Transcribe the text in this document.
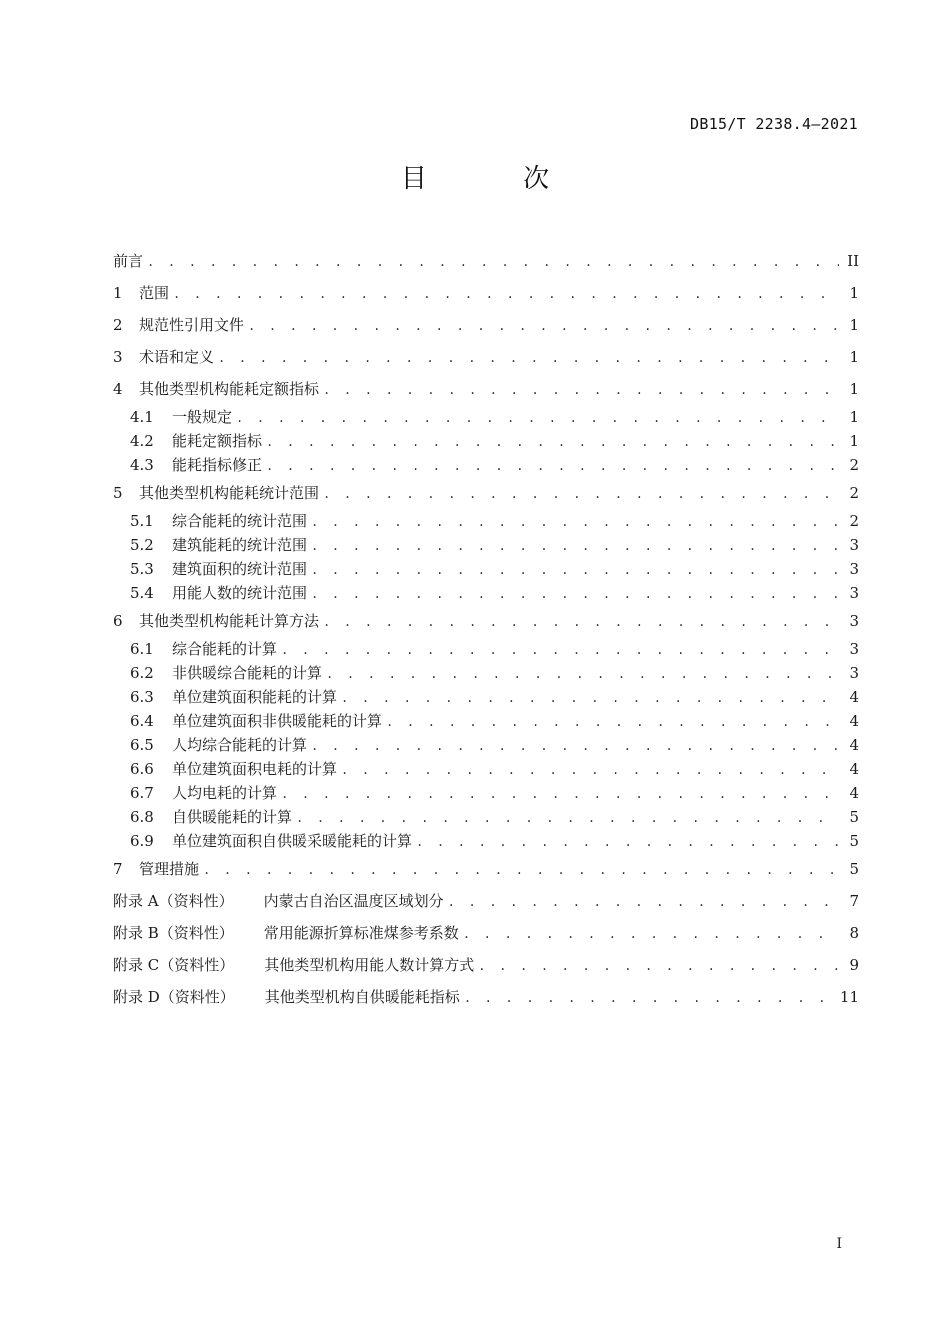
DB15/T 2238.4—2021
目 次
前言 . . .	II
1	范围 . . .	1
2	规范性引用文件 . . .	1
3	术语和定义 . . .	1
4	其他类型机构能耗定额指标 . . .	1
4.1	一般规定 . . .	1
4.2	能耗定额指标 . . .	1
4.3	能耗指标修正 . . .	2
5	其他类型机构能耗统计范围 . . .	2
5.1	综合能耗的统计范围 . . .	2
5.2	建筑能耗的统计范围 . . .	3
5.3	建筑面积的统计范围 . . .	3
5.4	用能人数的统计范围 . . .	3
6	其他类型机构能耗计算方法 . . .	3
6.1	综合能耗的计算 . . .	3
6.2	非供暖综合能耗的计算 . . .	3
6.3	单位建筑面积能耗的计算 . . .	4
6.4	单位建筑面积非供暖能耗的计算 . . .	4
6.5	人均综合能耗的计算 . . .	4
6.6	单位建筑面积电耗的计算 . . .	4
6.7	人均电耗的计算 . . .	4
6.8	自供暖能耗的计算 . . .	5
6.9	单位建筑面积自供暖采暖能耗的计算 . . .	5
7	管理措施 . . .	5
附录 A（资料性） 内蒙古自治区温度区域划分 . . .	7
附录 B（资料性） 常用能源折算标准煤参考系数 . . .	8
附录 C（资料性） 其他类型机构用能人数计算方式 . . .	9
附录 D（资料性） 其他类型机构自供暖能耗指标 . . .	11
I
